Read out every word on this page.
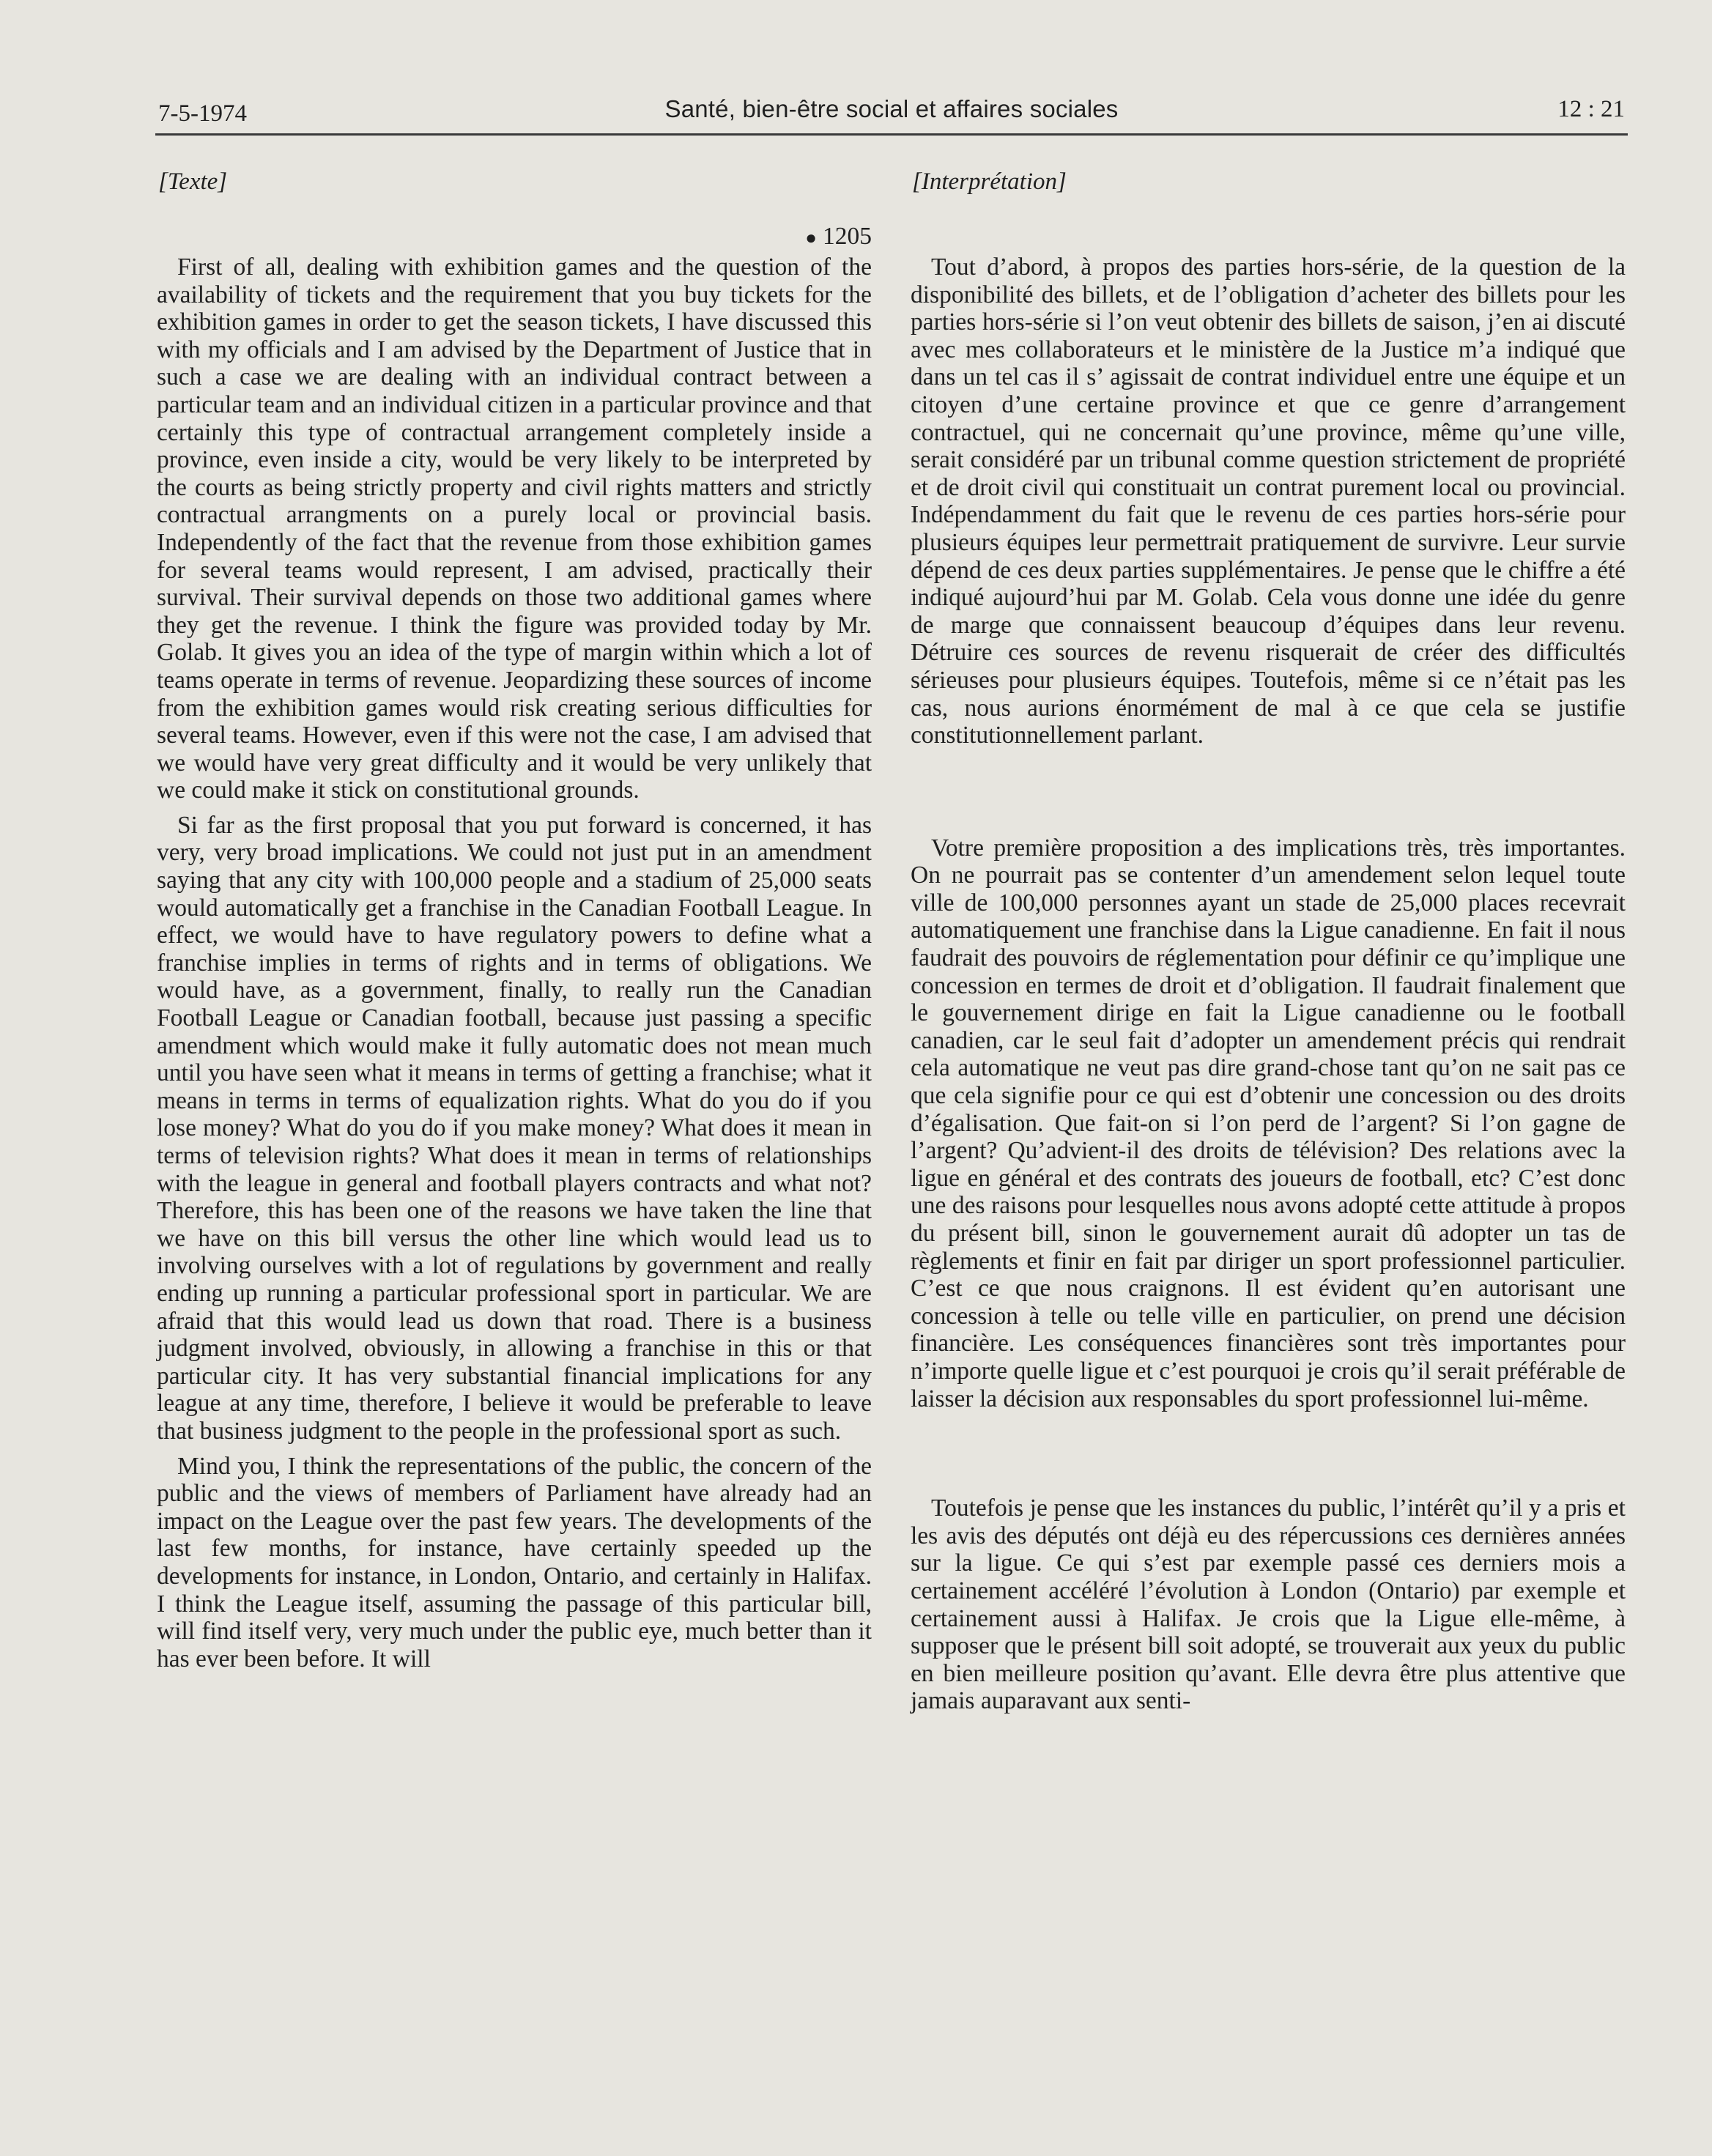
7-5-1974	Santé, bien-être social et affaires sociales	12 : 21
[Texte]
● 1205

First of all, dealing with exhibition games and the question of the availability of tickets and the requirement that you buy tickets for the exhibition games in order to get the season tickets, I have discussed this with my officials and I am advised by the Department of Justice that in such a case we are dealing with an individual contract between a particular team and an individual citizen in a particular province and that certainly this type of contractual arrangement completely inside a province, even inside a city, would be very likely to be interpreted by the courts as being strictly property and civil rights matters and strictly contractual arrangments on a purely local or provincial basis. Independently of the fact that the revenue from those exhibition games for several teams would represent, I am advised, practically their survival. Their survival depends on those two additional games where they get the revenue. I think the figure was provided today by Mr. Golab. It gives you an idea of the type of margin within which a lot of teams operate in terms of revenue. Jeopardizing these sources of income from the exhibition games would risk creating serious difficulties for several teams. However, even if this were not the case, I am advised that we would have very great difficulty and it would be very unlikely that we could make it stick on constitutional grounds.

Si far as the first proposal that you put forward is concerned, it has very, very broad implications. We could not just put in an amendment saying that any city with 100,000 people and a stadium of 25,000 seats would automatically get a franchise in the Canadian Football League. In effect, we would have to have regulatory powers to define what a franchise implies in terms of rights and in terms of obligations. We would have, as a government, finally, to really run the Canadian Football League or Canadian football, because just passing a specific amendment which would make it fully automatic does not mean much until you have seen what it means in terms of getting a franchise; what it means in terms in terms of equalization rights. What do you do if you lose money? What do you do if you make money? What does it mean in terms of television rights? What does it mean in terms of relationships with the league in general and football players contracts and what not? Therefore, this has been one of the reasons we have taken the line that we have on this bill versus the other line which would lead us to involving ourselves with a lot of regulations by government and really ending up running a particular professional sport in particular. We are afraid that this would lead us down that road. There is a business judgment involved, obviously, in allowing a franchise in this or that particular city. It has very substantial financial implications for any league at any time, therefore, I believe it would be preferable to leave that business judgment to the people in the professional sport as such.

Mind you, I think the representations of the public, the concern of the public and the views of members of Parliament have already had an impact on the League over the past few years. The developments of the last few months, for instance, have certainly speeded up the developments for instance, in London, Ontario, and certainly in Halifax. I think the League itself, assuming the passage of this particular bill, will find itself very, very much under the public eye, much better than it has ever been before. It will

[Interprétation]

Tout d’abord, à propos des parties hors-série, de la question de la disponibilité des billets, et de l’obligation d’acheter des billets pour les parties hors-série si l’on veut obtenir des billets de saison, j’en ai discuté avec mes collaborateurs et le ministère de la Justice m’a indiqué que dans un tel cas il s’ agissait de contrat individuel entre une équipe et un citoyen d’une certaine province et que ce genre d’arrangement contractuel, qui ne concernait qu’une province, même qu’une ville, serait considéré par un tribunal comme question strictement de propriété et de droit civil qui constituait un contrat purement local ou provincial. Indépendamment du fait que le revenu de ces parties hors-série pour plusieurs équipes leur permettrait pratiquement de survivre. Leur survie dépend de ces deux parties supplémentaires. Je pense que le chiffre a été indiqué aujourd’hui par M. Golab. Cela vous donne une idée du genre de marge que connaissent beaucoup d’équipes dans leur revenu. Détruire ces sources de revenu risquerait de créer des difficultés sérieuses pour plusieurs équipes. Toutefois, même si ce n’était pas les cas, nous aurions énormément de mal à ce que cela se justifie constitutionnellement parlant.

Votre première proposition a des implications très, très importantes. On ne pourrait pas se contenter d’un amendement selon lequel toute ville de 100,000 personnes ayant un stade de 25,000 places recevrait automatiquement une franchise dans la Ligue canadienne. En fait il nous faudrait des pouvoirs de réglementation pour définir ce qu’implique une concession en termes de droit et d’obligation. Il faudrait finalement que le gouvernement dirige en fait la Ligue canadienne ou le football canadien, car le seul fait d’adopter un amendement précis qui rendrait cela automatique ne veut pas dire grand-chose tant qu’on ne sait pas ce que cela signifie pour ce qui est d’obtenir une concession ou des droits d’égalisation. Que fait-on si l’on perd de l’argent? Si l’on gagne de l’argent? Qu’advient-il des droits de télévision? Des relations avec la ligue en général et des contrats des joueurs de football, etc? C’est donc une des raisons pour lesquelles nous avons adopté cette attitude à propos du présent bill, sinon le gouvernement aurait dû adopter un tas de règlements et finir en fait par diriger un sport professionnel particulier. C’est ce que nous craignons. Il est évident qu’en autorisant une concession à telle ou telle ville en particulier, on prend une décision financière. Les conséquences financières sont très importantes pour n’importe quelle ligue et c’est pourquoi je crois qu’il serait préférable de laisser la décision aux responsables du sport professionnel lui-même.

Toutefois je pense que les instances du public, l’intérêt qu’il y a pris et les avis des députés ont déjà eu des répercussions ces dernières années sur la ligue. Ce qui s’est par exemple passé ces derniers mois a certainement accéléré l’évolution à London (Ontario) par exemple et certainement aussi à Halifax. Je crois que la Ligue elle-même, à supposer que le présent bill soit adopté, se trouverait aux yeux du public en bien meilleure position qu’avant. Elle devra être plus attentive que jamais auparavant aux senti-
